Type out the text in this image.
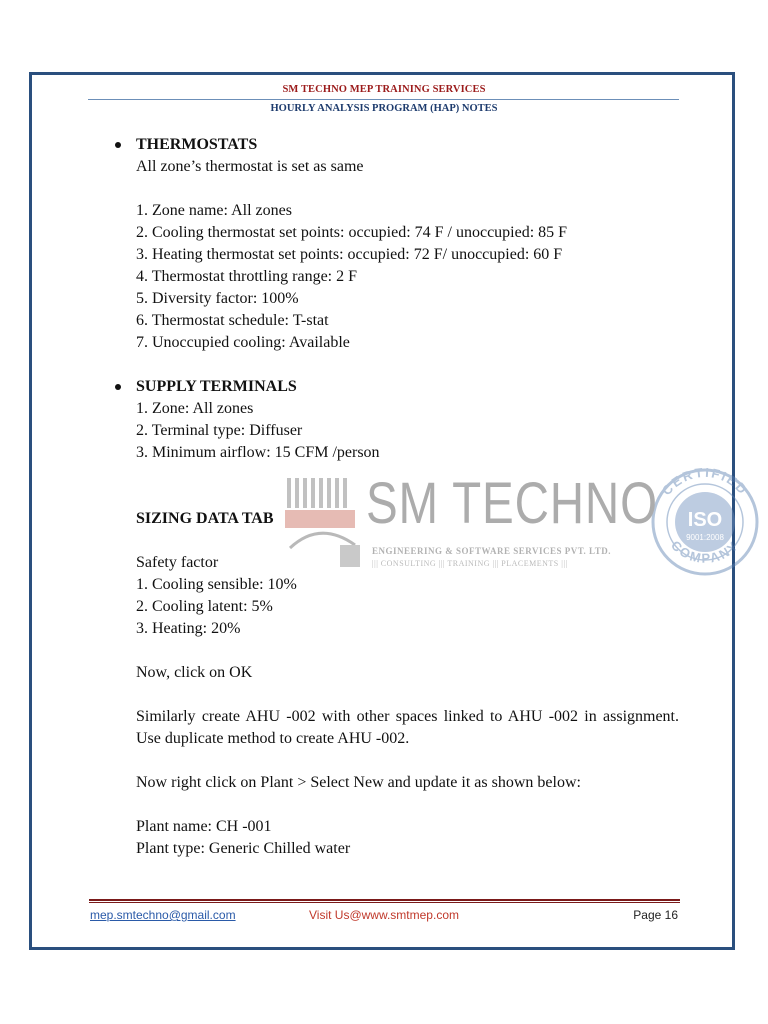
SM TECHNO MEP TRAINING SERVICES
HOURLY ANALYSIS PROGRAM (HAP) NOTES
CERTIFIED
COMPANY
ISO
9001:2008
SM TECHNO
ENGINEERING & SOFTWARE SERVICES PVT. LTD.
||| CONSULTING ||| TRAINING ||| PLACEMENTS |||
THERMOSTATS
All zone’s thermostat is set as same
1. Zone name: All zones
2. Cooling thermostat set points: occupied: 74 F / unoccupied: 85 F
3. Heating thermostat set points: occupied: 72 F/ unoccupied: 60 F
4. Thermostat throttling range: 2 F
5. Diversity factor: 100%
6. Thermostat schedule: T-stat
7. Unoccupied cooling: Available
SUPPLY TERMINALS
1. Zone: All zones
2. Terminal type: Diffuser
3. Minimum airflow: 15 CFM /person
SIZING DATA TAB
Safety factor
1. Cooling sensible: 10%
2. Cooling latent: 5%
3. Heating: 20%
Now, click on OK
Similarly create AHU -002 with other spaces linked to AHU -002 in assignment. Use duplicate method to create AHU -002.
Now right click on Plant > Select New and update it as shown below:
Plant name: CH -001
Plant type: Generic Chilled water
mep.smtechno@gmail.com	Visit Us@www.smtmep.com	Page 16
